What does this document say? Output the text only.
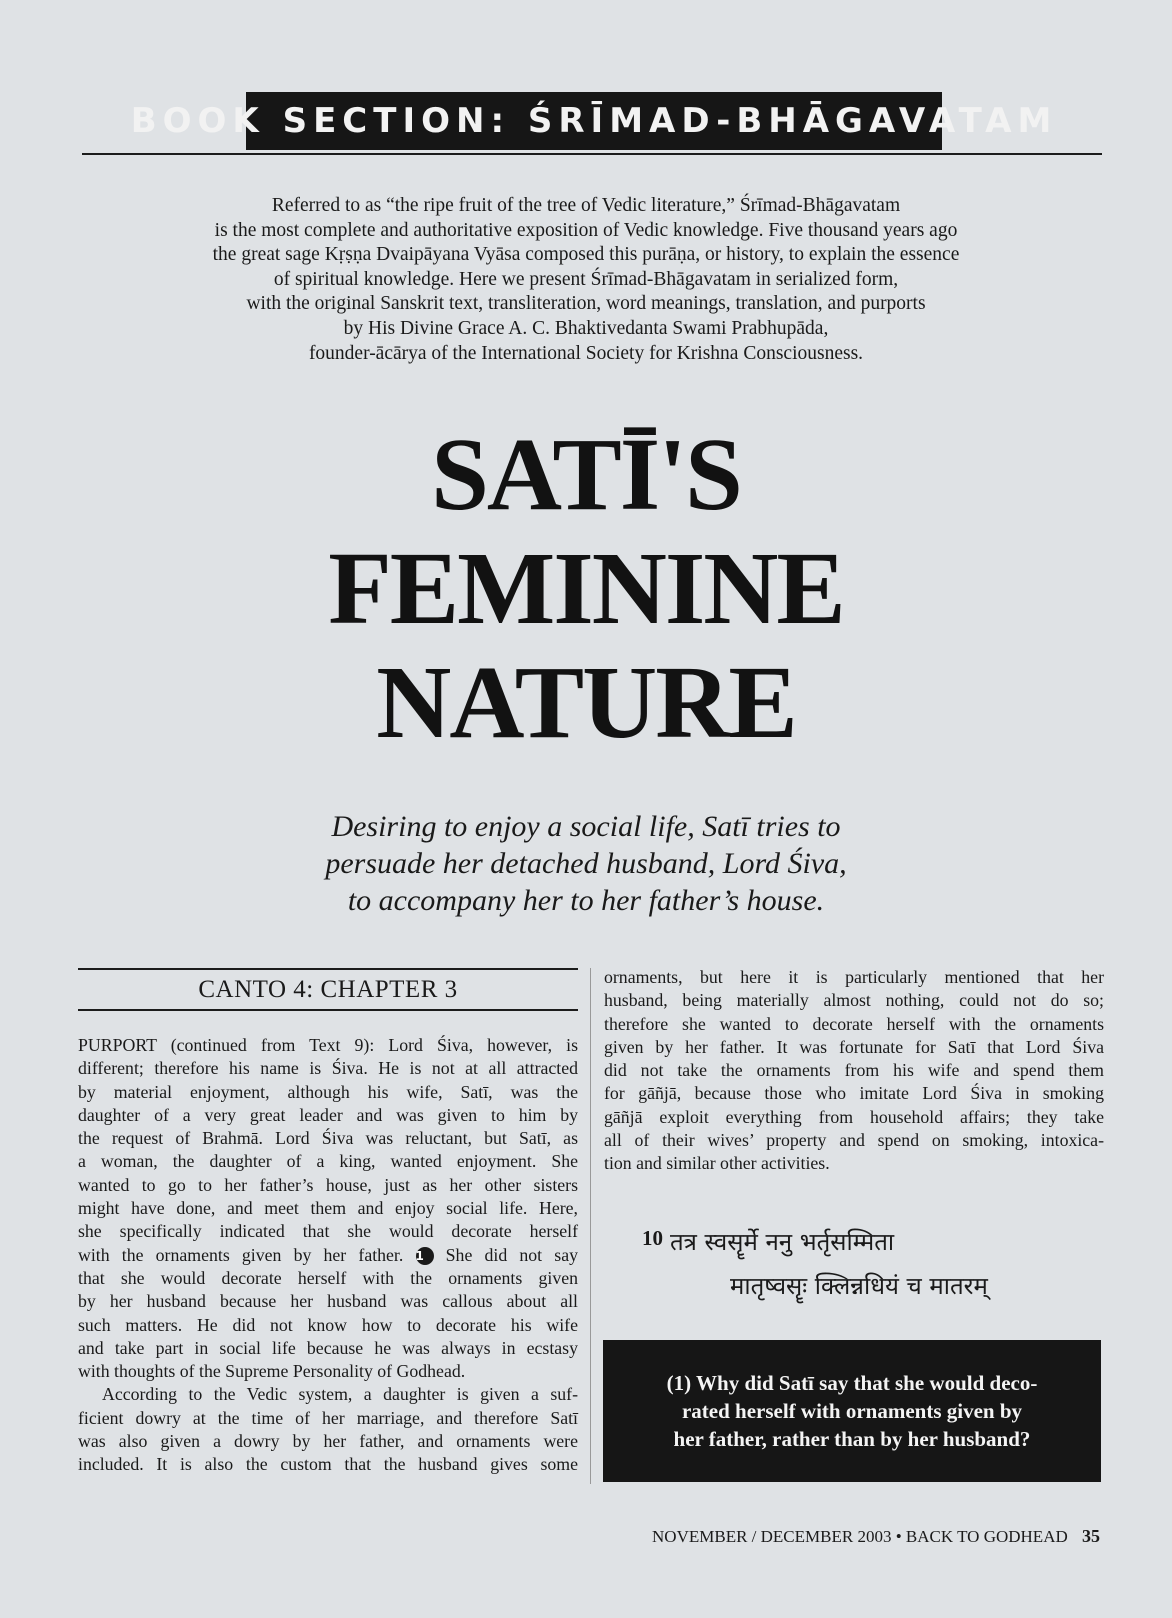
BOOK SECTION: ŚRĪMAD-BHĀGAVATAM
Referred to as “the ripe fruit of the tree of Vedic literature,” Śrīmad-Bhāgavatam
is the most complete and authoritative exposition of Vedic knowledge. Five thousand years ago
the great sage Kṛṣṇa Dvaipāyana Vyāsa composed this purāṇa, or history, to explain the essence
of spiritual knowledge. Here we present Śrīmad-Bhāgavatam in serialized form,
with the original Sanskrit text, transliteration, word meanings, translation, and purports
by His Divine Grace A. C. Bhaktivedanta Swami Prabhupāda,
founder-ācārya of the International Society for Krishna Consciousness.
SATĪ'S
FEMININE
NATURE
Desiring to enjoy a social life, Satī tries to
persuade her detached husband, Lord Śiva,
to accompany her to her father’s house.
CANTO 4: CHAPTER 3
PURPORT (continued from Text 9): Lord Śiva, however, is
different; therefore his name is Śiva. He is not at all attracted
by material enjoyment, although his wife, Satī, was the
daughter of a very great leader and was given to him by
the request of Brahmā. Lord Śiva was reluctant, but Satī, as
a woman, the daughter of a king, wanted enjoyment. She
wanted to go to her father’s house, just as her other sisters
might have done, and meet them and enjoy social life. Here,
she specifically indicated that she would decorate herself
with the ornaments given by her father. 1 She did not say
that she would decorate herself with the ornaments given
by her husband because her husband was callous about all
such matters. He did not know how to decorate his wife
and take part in social life because he was always in ecstasy
with thoughts of the Supreme Personality of Godhead.
According to the Vedic system, a daughter is given a suf-
ficient dowry at the time of her marriage, and therefore Satī
was also given a dowry by her father, and ornaments were
included. It is also the custom that the husband gives some
ornaments, but here it is particularly mentioned that her
husband, being materially almost nothing, could not do so;
therefore she wanted to decorate herself with the ornaments
given by her father. It was fortunate for Satī that Lord Śiva
did not take the ornaments from his wife and spend them
for gāñjā, because those who imitate Lord Śiva in smoking
gāñjā exploit everything from household affairs; they take
all of their wives’ property and spend on smoking, intoxica-
tion and similar other activities.
10 तत्र स्वसॄर्मे ननु भर्तृसम्मिता
मातृष्वसॄः क्लिन्नधियं च मातरम्
(1) Why did Satī say that she would deco-
rated herself with ornaments given by
her father, rather than by her husband?
NOVEMBER / DECEMBER 2003 • BACK TO GODHEAD 35
